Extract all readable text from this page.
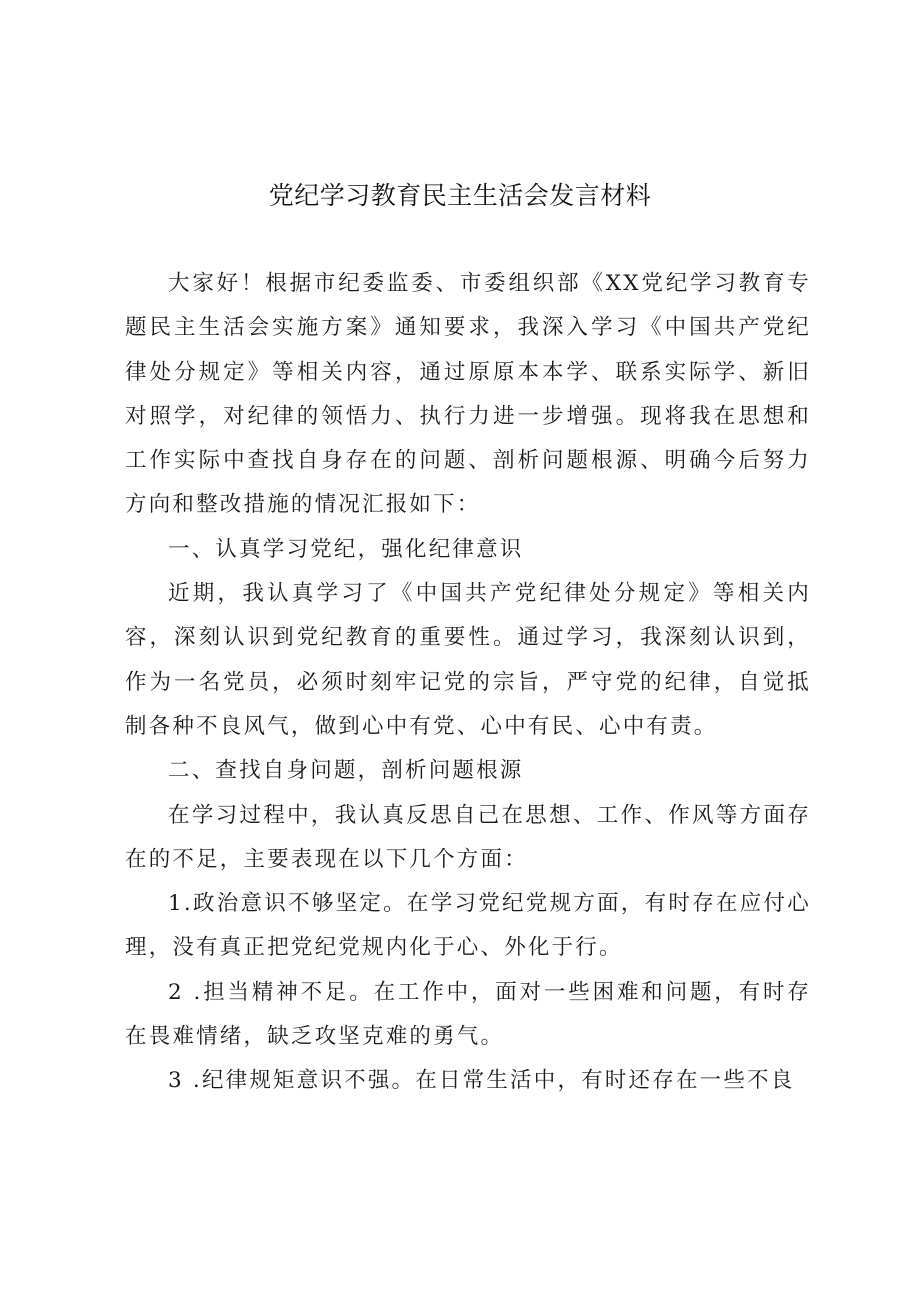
党纪学习教育民主生活会发言材料

大家好！根据市纪委监委、市委组织部《XX党纪学习教育专题民主生活会实施方案》通知要求，我深入学习《中国共产党纪律处分规定》等相关内容，通过原原本本学、联系实际学、新旧对照学，对纪律的领悟力、执行力进一步增强。现将我在思想和工作实际中查找自身存在的问题、剖析问题根源、明确今后努力方向和整改措施的情况汇报如下：

一、认真学习党纪，强化纪律意识

近期，我认真学习了《中国共产党纪律处分规定》等相关内容，深刻认识到党纪教育的重要性。通过学习，我深刻认识到，作为一名党员，必须时刻牢记党的宗旨，严守党的纪律，自觉抵制各种不良风气，做到心中有党、心中有民、心中有责。

二、查找自身问题，剖析问题根源

在学习过程中，我认真反思自己在思想、工作、作风等方面存在的不足，主要表现在以下几个方面：

1.政治意识不够坚定。在学习党纪党规方面，有时存在应付心理，没有真正把党纪党规内化于心、外化于行。

2 .担当精神不足。在工作中，面对一些困难和问题，有时存在畏难情绪，缺乏攻坚克难的勇气。

3 .纪律规矩意识不强。在日常生活中，有时还存在一些不良
